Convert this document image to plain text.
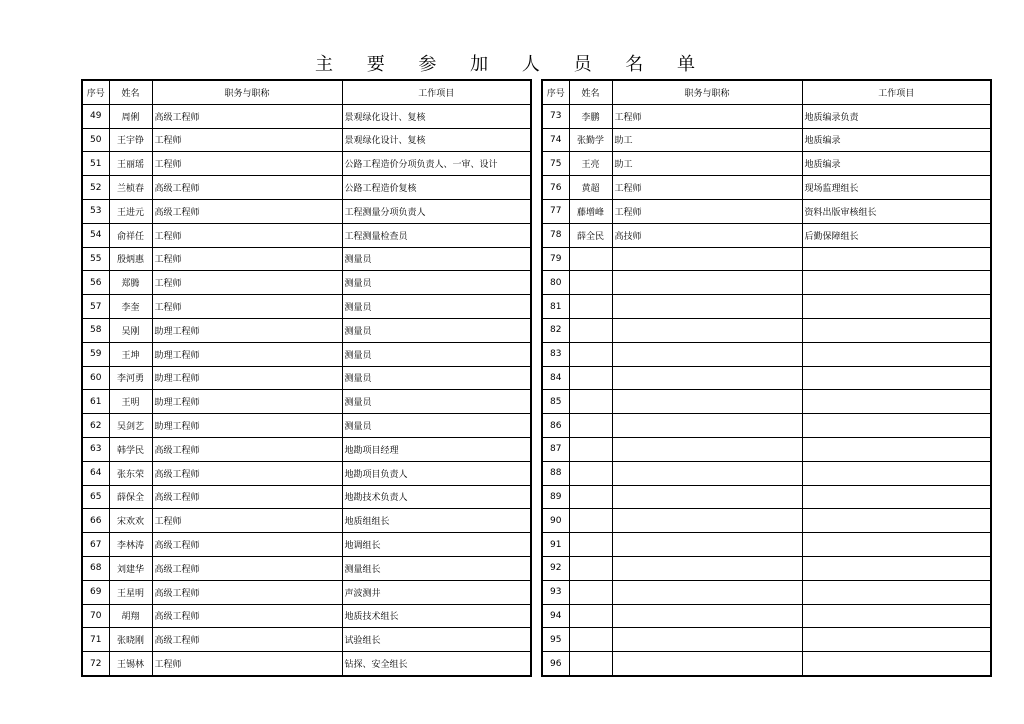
主 要 参 加 人 员 名 单
序号	姓名	职务与职称	工作项目
49	周俐	高级工程师	景观绿化设计、复核
50	王宇铮	工程师	景观绿化设计、复核
51	王丽瑶	工程师	公路工程造价分项负责人、一审、设计
52	兰桢春	高级工程师	公路工程造价复核
53	王进元	高级工程师	工程测量分项负责人
54	俞祥任	工程师	工程测量检查员
55	殷炳惠	工程师	测量员
56	郑腾	工程师	测量员
57	李奎	工程师	测量员
58	吴刚	助理工程师	测量员
59	王坤	助理工程师	测量员
60	李河勇	助理工程师	测量员
61	王明	助理工程师	测量员
62	吴剑艺	助理工程师	测量员
63	韩学民	高级工程师	地勘项目经理
64	张东荣	高级工程师	地勘项目负责人
65	薛保全	高级工程师	地勘技术负责人
66	宋欢欢	工程师	地质组组长
67	李林涛	高级工程师	地调组长
68	刘建华	高级工程师	测量组长
69	王星明	高级工程师	声波测井
70	胡翔	高级工程师	地质技术组长
71	张晓刚	高级工程师	试验组长
72	王锡林	工程师	钻探、安全组长
序号	姓名	职务与职称	工作项目
73	李鹏	工程师	地质编录负责
74	张勤学	助工	地质编录
75	王亮	助工	地质编录
76	黄超	工程师	现场监理组长
77	藤增峰	工程师	资料出版审核组长
78	薛全民	高技师	后勤保障组长
79			
80			
81			
82			
83			
84			
85			
86			
87			
88			
89			
90			
91			
92			
93			
94			
95			
96			
